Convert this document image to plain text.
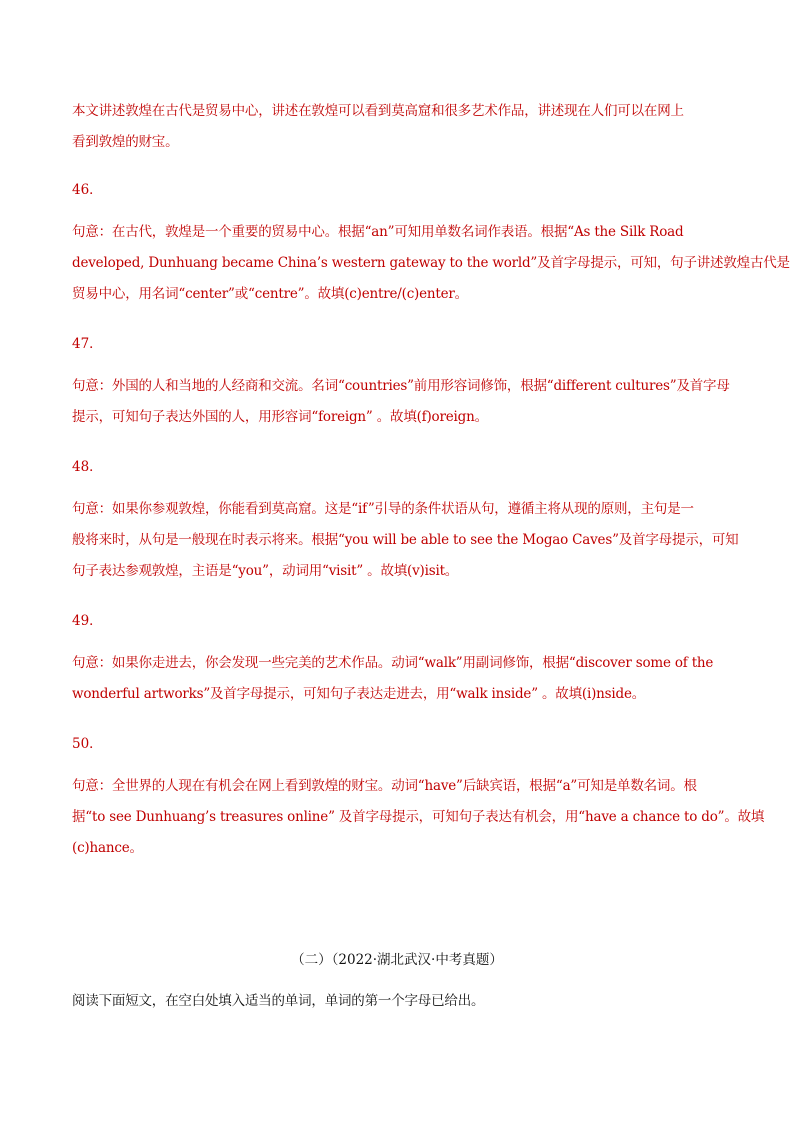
本文讲述敦煌在古代是贸易中心，讲述在敦煌可以看到莫高窟和很多艺术作品，讲述现在人们可以在网上
看到敦煌的财宝。
46．
句意：在古代，敦煌是一个重要的贸易中心。根据“an”可知用单数名词作表语。根据“As the Silk Road
developed, Dunhuang became China’s western gateway to the world”及首字母提示，可知，句子讲述敦煌古代是
贸易中心，用名词“center”或“centre”。故填(c)entre/(c)enter。
47．
句意：外国的人和当地的人经商和交流。名词“countries”前用形容词修饰，根据“different cultures”及首字母
提示，可知句子表达外国的人，用形容词“foreign” 。故填(f)oreign。
48．
句意：如果你参观敦煌，你能看到莫高窟。这是“if”引导的条件状语从句，遵循主将从现的原则，主句是一
般将来时，从句是一般现在时表示将来。根据“you will be able to see the Mogao Caves”及首字母提示，可知
句子表达参观敦煌，主语是“you”，动词用“visit” 。故填(v)isit。
49．
句意：如果你走进去，你会发现一些完美的艺术作品。动词“walk”用副词修饰，根据“discover some of the
wonderful artworks”及首字母提示，可知句子表达走进去，用“walk inside” 。故填(i)nside。
50．
句意：全世界的人现在有机会在网上看到敦煌的财宝。动词“have”后缺宾语，根据“a”可知是单数名词。根
据“to see Dunhuang’s treasures online” 及首字母提示，可知句子表达有机会，用“have a chance to do”。故填
(c)hance。
（二）（2022·湖北武汉·中考真题）
阅读下面短文，在空白处填入适当的单词，单词的第一个字母已给出。
